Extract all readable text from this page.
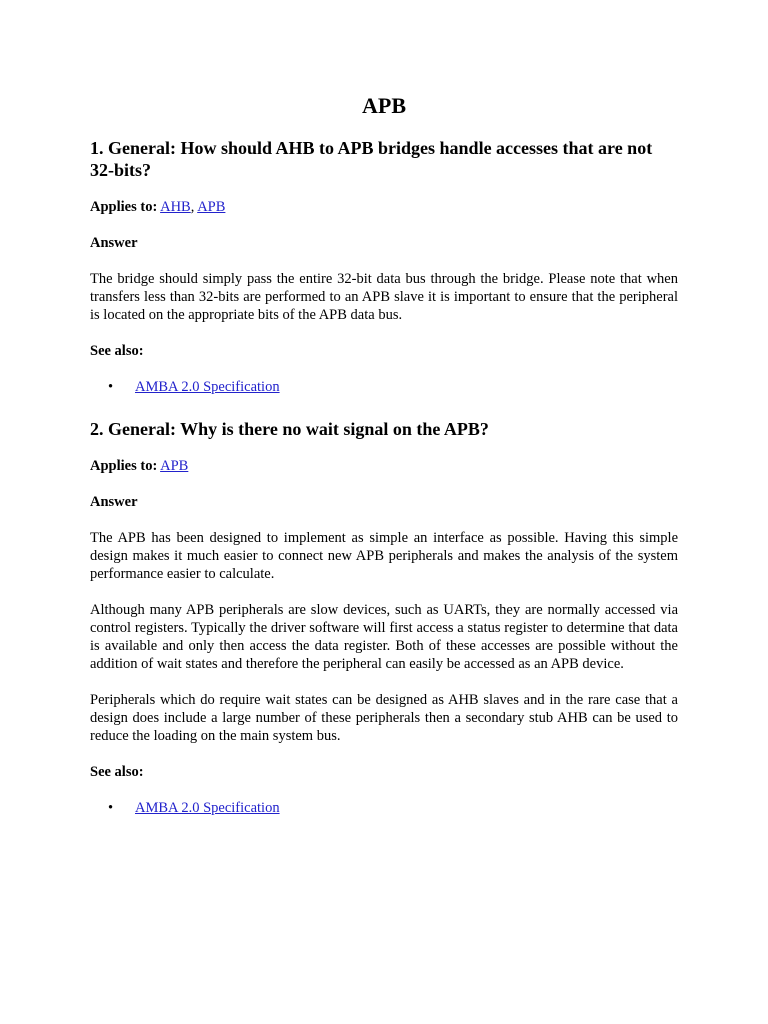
APB
1. General: How should AHB to APB bridges handle accesses that are not 32-bits?

Applies to: AHB, APB

Answer

The bridge should simply pass the entire 32-bit data bus through the bridge. Please note that when transfers less than 32-bits are performed to an APB slave it is important to ensure that the peripheral is located on the appropriate bits of the APB data bus.

See also:

• AMBA 2.0 Specification
2. General: Why is there no wait signal on the APB?

Applies to: APB

Answer

The APB has been designed to implement as simple an interface as possible. Having this simple design makes it much easier to connect new APB peripherals and makes the analysis of the system performance easier to calculate.

Although many APB peripherals are slow devices, such as UARTs, they are normally accessed via control registers. Typically the driver software will first access a status register to determine that data is available and only then access the data register. Both of these accesses are possible without the addition of wait states and therefore the peripheral can easily be accessed as an APB device.

Peripherals which do require wait states can be designed as AHB slaves and in the rare case that a design does include a large number of these peripherals then a secondary stub AHB can be used to reduce the loading on the main system bus.

See also:

• AMBA 2.0 Specification
